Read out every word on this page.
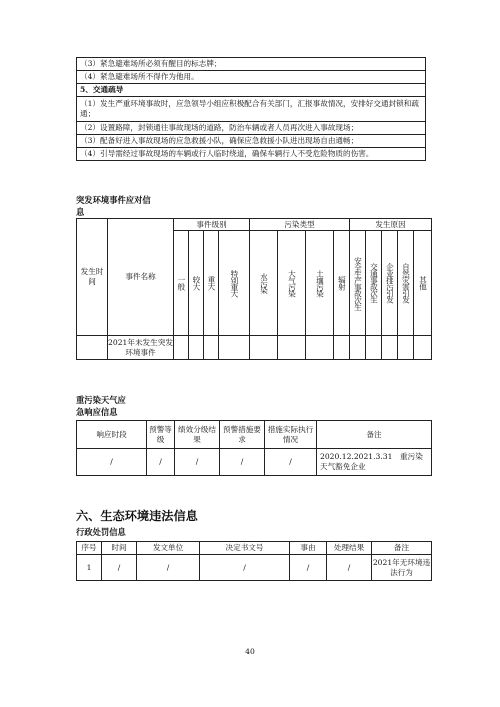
（3）紧急避难场所必须有醒目的标志牌；
（4）紧急避难场所不得作为他用。
5、交通疏导
（1）发生严重环境事故时，应急领导小组应积极配合有关部门，汇报事故情况，安排好交通封锁和疏通；
（2）设置路障，封锁通往事故现场的道路，防治车辆或者人员再次进入事故现场；
（3）配备好进入事故现场的应急救援小队，确保应急救援小队进出现场自由通畅；
（4）引导需经过事故现场的车辆或行人临时绕道，确保车辆行人不受危险物质的伤害。
突发环境事件应对信
息
发生时间	事件名称	事件级别				污染类型				发生原因				

		一般	较大	重大	特别重大	水污染	大气污染	土壤污染	辐射	安全生产事故次生	交通事故次生	企业排污引发	自然灾害引发	其他

	2021年未发生突发环境事件													
重污染天气应
急响应信息
响应时段	预警等级	绩效分级结果	预警措施要求	措施实际执行情况	备注
/	/	/	/	/	2020.12.2021.3.31　重污染天气豁免企业
六、生态环境违法信息
行政处罚信息
序号	时间	发文单位	决定书文号	事由	处理结果	备注
1	/	/	/	/	/	2021年无环境违法行为
40
